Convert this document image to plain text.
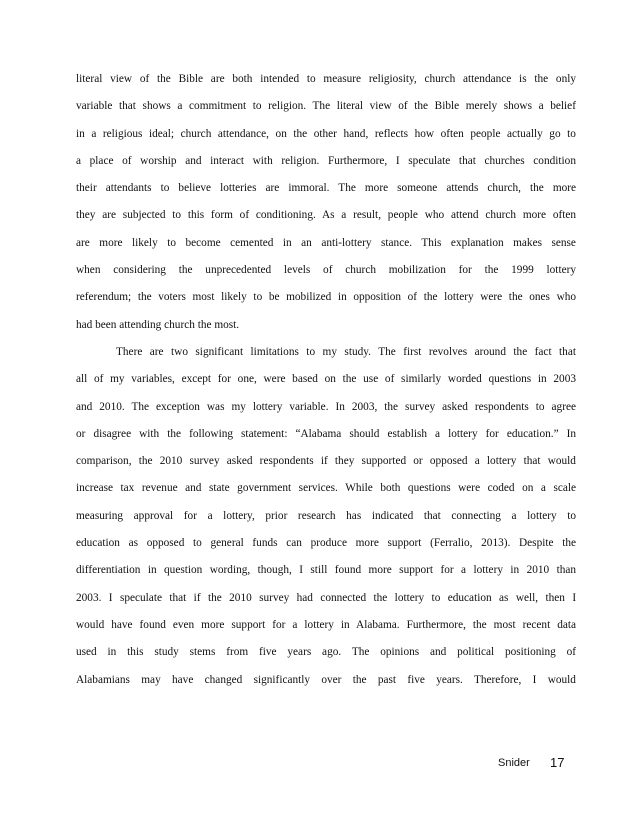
literal view of the Bible are both intended to measure religiosity, church attendance is the only
variable that shows a commitment to religion. The literal view of the Bible merely shows a belief
in a religious ideal; church attendance, on the other hand, reflects how often people actually go to
a place of worship and interact with religion. Furthermore, I speculate that churches condition
their attendants to believe lotteries are immoral. The more someone attends church, the more
they are subjected to this form of conditioning. As a result, people who attend church more often
are more likely to become cemented in an anti-lottery stance. This explanation makes sense
when considering the unprecedented levels of church mobilization for the 1999 lottery
referendum; the voters most likely to be mobilized in opposition of the lottery were the ones who
had been attending church the most.
There are two significant limitations to my study. The first revolves around the fact that
all of my variables, except for one, were based on the use of similarly worded questions in 2003
and 2010. The exception was my lottery variable. In 2003, the survey asked respondents to agree
or disagree with the following statement: “Alabama should establish a lottery for education.” In
comparison, the 2010 survey asked respondents if they supported or opposed a lottery that would
increase tax revenue and state government services. While both questions were coded on a scale
measuring approval for a lottery, prior research has indicated that connecting a lottery to
education as opposed to general funds can produce more support (Ferralio, 2013). Despite the
differentiation in question wording, though, I still found more support for a lottery in 2010 than
2003. I speculate that if the 2010 survey had connected the lottery to education as well, then I
would have found even more support for a lottery in Alabama. Furthermore, the most recent data
used in this study stems from five years ago. The opinions and political positioning of
Alabamians may have changed significantly over the past five years. Therefore, I would
Snider 17
